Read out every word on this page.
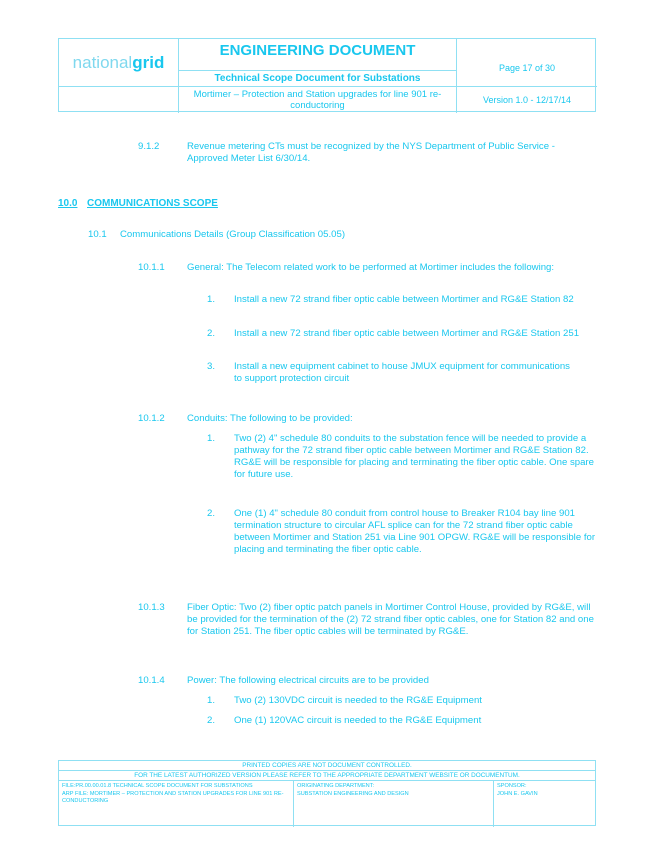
national grid
ENGINEERING DOCUMENT
Technical Scope Document for Substations
Mortimer – Protection and Station upgrades for line 901 re-conductoring
Page 17 of 30
Version 1.0 - 12/17/14
9.1.2	Revenue metering CTs must be recognized by the NYS Department of Public Service - Approved Meter List 6/30/14.
10.0 COMMUNICATIONS SCOPE
10.1 Communications Details (Group Classification 05.05)
10.1.1 General: The Telecom related work to be performed at Mortimer includes the following:
1. Install a new 72 strand fiber optic cable between Mortimer and RG&E Station 82
2. Install a new 72 strand fiber optic cable between Mortimer and RG&E Station 251
3. Install a new equipment cabinet to house JMUX equipment for communications to support protection circuit
10.1.2 Conduits: The following to be provided:
1. Two (2) 4" schedule 80 conduits to the substation fence will be needed to provide a pathway for the 72 strand fiber optic cable between Mortimer and RG&E Station 82. RG&E will be responsible for placing and terminating the fiber optic cable. One spare for future use.
2. One (1) 4" schedule 80 conduit from control house to Breaker R104 bay line 901 termination structure to circular AFL splice can for the 72 strand fiber optic cable between Mortimer and Station 251 via Line 901 OPGW. RG&E will be responsible for placing and terminating the fiber optic cable.
10.1.3 Fiber Optic: Two (2) fiber optic patch panels in Mortimer Control House, provided by RG&E, will be provided for the termination of the (2) 72 strand fiber optic cables, one for Station 82 and one for Station 251. The fiber optic cables will be terminated by RG&E.
10.1.4 Power: The following electrical circuits are to be provided
1. Two (2) 130VDC circuit is needed to the RG&E Equipment
2. One (1) 120VAC circuit is needed to the RG&E Equipment
PRINTED COPIES ARE NOT DOCUMENT CONTROLLED.
FOR THE LATEST AUTHORIZED VERSION PLEASE REFER TO THE APPROPRIATE DEPARTMENT WEBSITE OR DOCUMENTUM.
FILE:PR.00.00.01.8 TECHNICAL SCOPE DOCUMENT FOR SUBSTATIONS
ARP FILE: MORTIMER – PROTECTION AND STATION UPGRADES FOR LINE 901 RE-CONDUCTORING
ORIGINATING DEPARTMENT:
SUBSTATION ENGINEERING AND DESIGN
SPONSOR:
JOHN E. GAVIN
